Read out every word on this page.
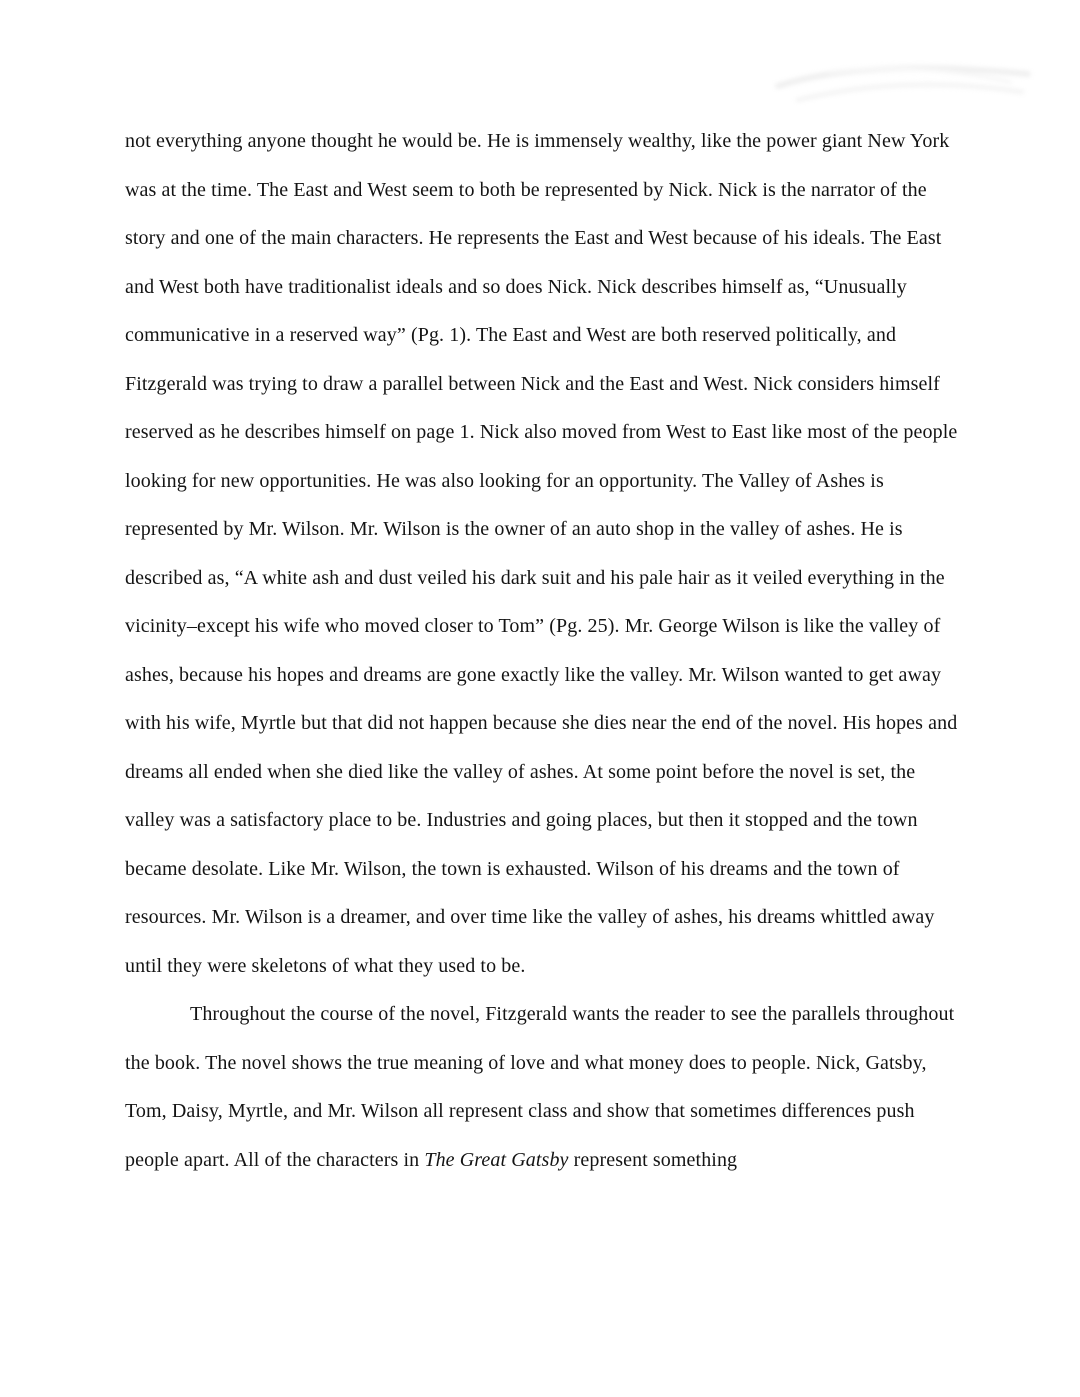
not everything anyone thought he would be. He is immensely wealthy, like the power giant New York was at the time. The East and West seem to both be represented by Nick. Nick is the narrator of the story and one of the main characters. He represents the East and West because of his ideals. The East and West both have traditionalist ideals and so does Nick. Nick describes himself as, “Unusually communicative in a reserved way” (Pg. 1). The East and West are both reserved politically, and Fitzgerald was trying to draw a parallel between Nick and the East and West. Nick considers himself reserved as he describes himself on page 1. Nick also moved from West to East like most of the people looking for new opportunities. He was also looking for an opportunity. The Valley of Ashes is represented by Mr. Wilson. Mr. Wilson is the owner of an auto shop in the valley of ashes. He is described as, “A white ash and dust veiled his dark suit and his pale hair as it veiled everything in the vicinity–except his wife who moved closer to Tom” (Pg. 25). Mr. George Wilson is like the valley of ashes, because his hopes and dreams are gone exactly like the valley. Mr. Wilson wanted to get away with his wife, Myrtle but that did not happen because she dies near the end of the novel. His hopes and dreams all ended when she died like the valley of ashes. At some point before the novel is set, the valley was a satisfactory place to be. Industries and going places, but then it stopped and the town became desolate. Like Mr. Wilson, the town is exhausted. Wilson of his dreams and the town of resources. Mr. Wilson is a dreamer, and over time like the valley of ashes, his dreams whittled away until they were skeletons of what they used to be.

Throughout the course of the novel, Fitzgerald wants the reader to see the parallels throughout the book. The novel shows the true meaning of love and what money does to people. Nick, Gatsby, Tom, Daisy, Myrtle, and Mr. Wilson all represent class and show that sometimes differences push people apart. All of the characters in The Great Gatsby represent something
